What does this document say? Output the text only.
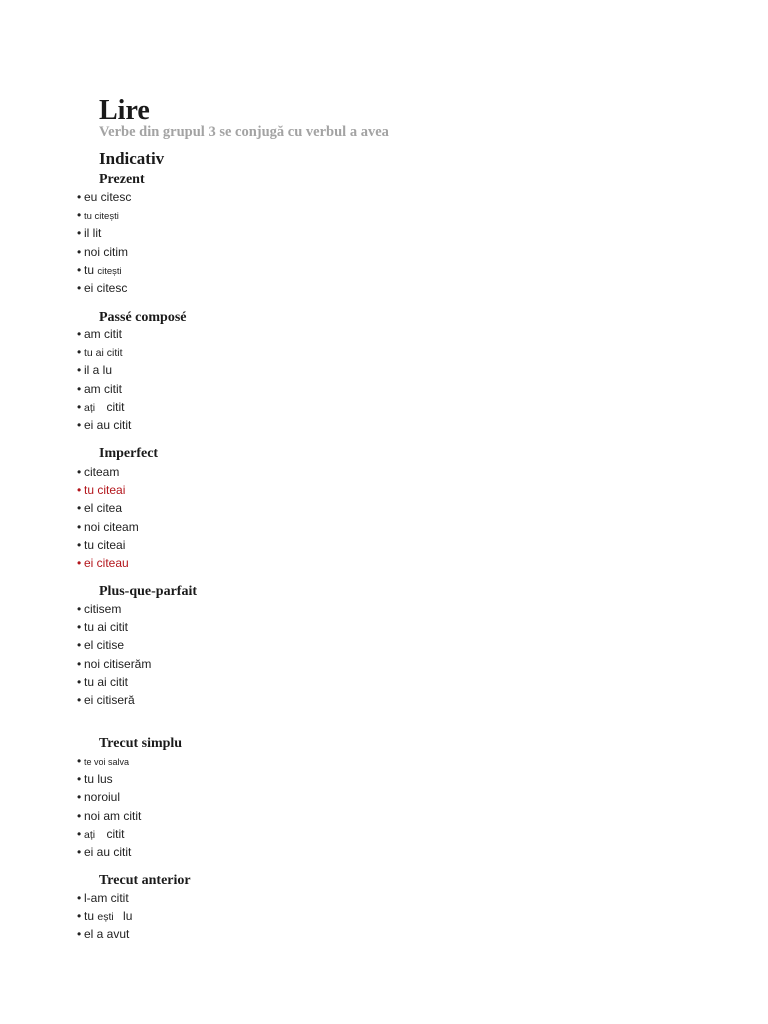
Lire
Verbe din grupul 3 se conjugă cu verbul a avea
Indicativ
Prezent
• eu citesc
• tu citești
• il lit
• noi citim
• tu citești
• ei citesc
Passé composé
• am citit
• tu ai citit
• il a lu
• am citit
• ați citit
• ei au citit
Imperfect
• citeam
• tu citeai
• el citea
• noi citeam
• tu citeai
• ei citeau
Plus-que-parfait
• citisem
• tu ai citit
• el citise
• noi citiserăm
• tu ai citit
• ei citiseră
Trecut simplu
• te voi salva
• tu lus
• noroiul
• noi am citit
• ați citit
• ei au citit
Trecut anterior
• l-am citit
• tu ești lu
• el a avut
